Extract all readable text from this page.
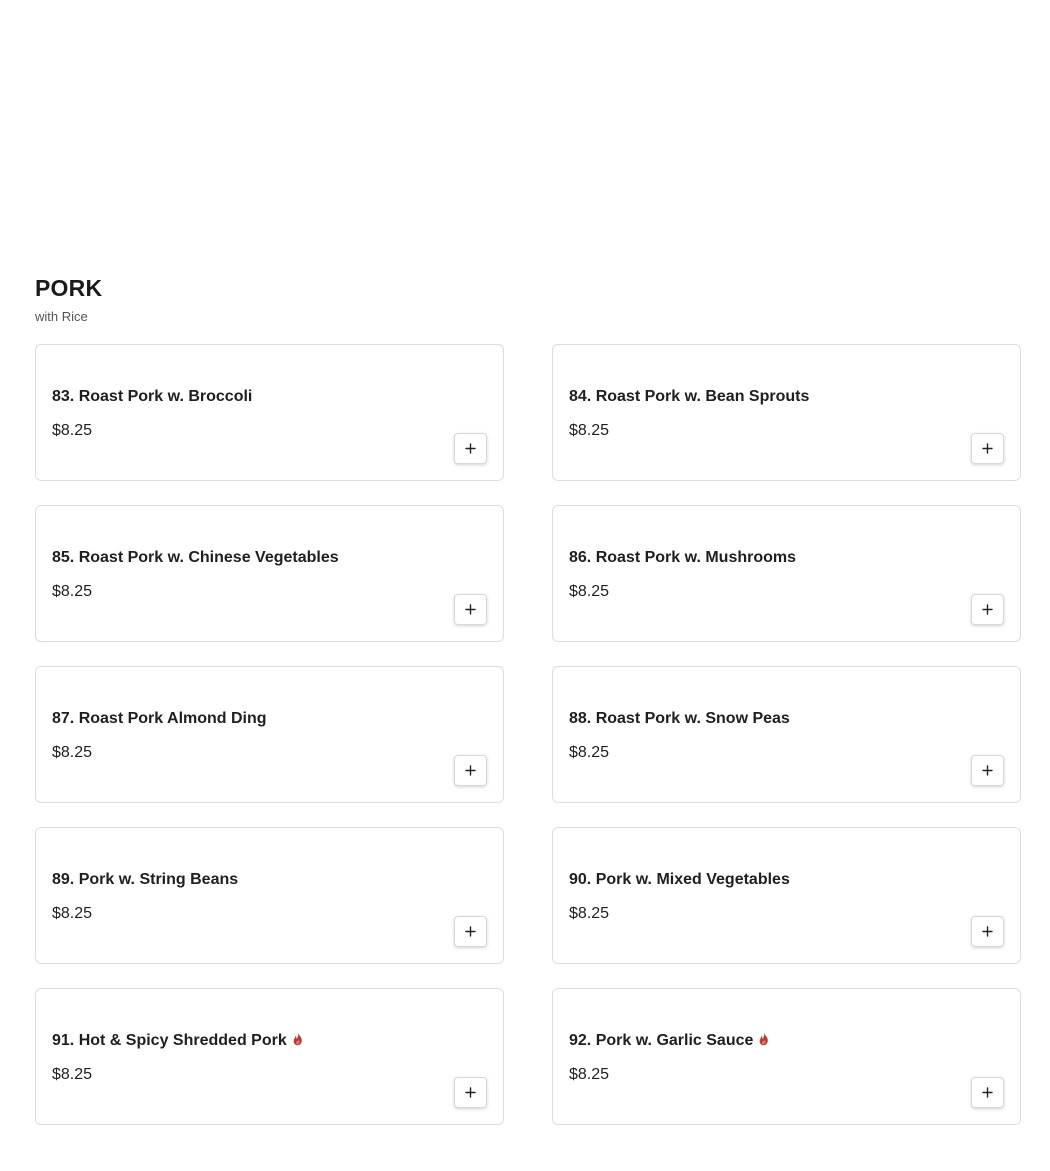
PORK
with Rice
83. Roast Pork w. Broccoli
$8.25
84. Roast Pork w. Bean Sprouts
$8.25
85. Roast Pork w. Chinese Vegetables
$8.25
86. Roast Pork w. Mushrooms
$8.25
87. Roast Pork Almond Ding
$8.25
88. Roast Pork w. Snow Peas
$8.25
89. Pork w. String Beans
$8.25
90. Pork w. Mixed Vegetables
$8.25
91. Hot & Spicy Shredded Pork
$8.25
92. Pork w. Garlic Sauce
$8.25
